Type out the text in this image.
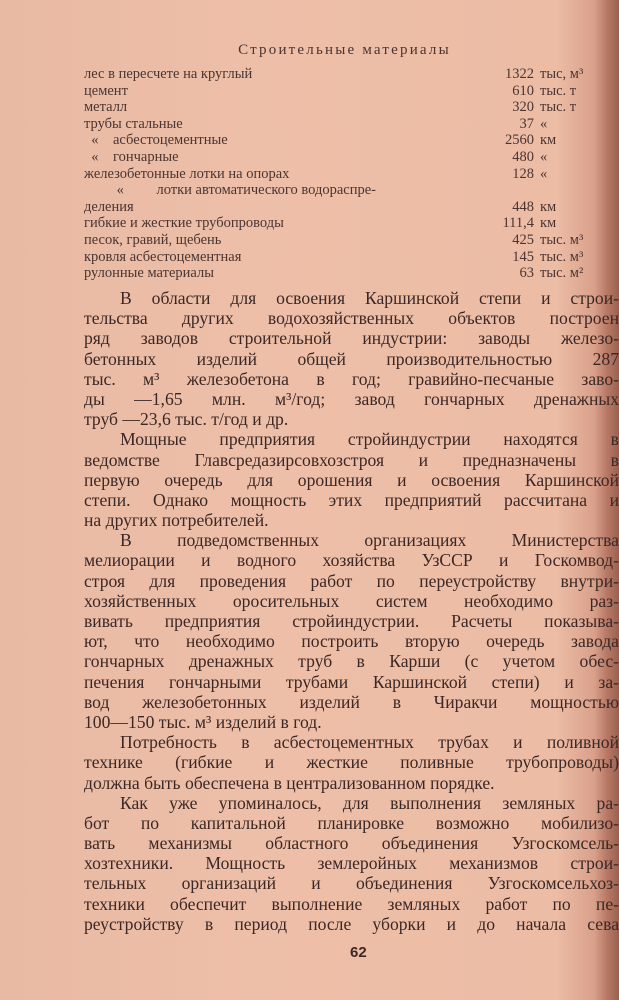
Строительные материалы
лес в пересчете на круглый	1322 тыс, м³
цемент	610 тыс. т
металл	320 тыс. т
трубы стальные	37 «
«    асбестоцементные	2560 км
«    гончарные	480 «
железобетонные лотки на опорах	128 «
«         лотки автоматического водораспре-
деления	448 км
гибкие и жесткие трубопроводы	111,4 км
песок, гравий, щебень	425 тыс. м³
кровля асбестоцементная	145 тыс. м³
рулонные материалы	63 тыс. м²
В области для освоения Каршинской степи и строи-
тельства других водохозяйственных объектов построен
ряд заводов строительной индустрии: заводы железо-
бетонных изделий общей производительностью 287
тыс. м³ железобетона в год; гравийно-песчаные заво-
ды —1,65 млн. м³/год; завод гончарных дренажных
труб —23,6 тыс. т/год и др.
Мощные предприятия стройиндустрии находятся в
ведомстве Главсредазирсовхозстроя и предназначены в
первую очередь для орошения и освоения Каршинской
степи. Однако мощность этих предприятий рассчитана и
на других потребителей.
В подведомственных организациях Министерства
мелиорации и водного хозяйства УзССР и Госкомвод-
строя для проведения работ по переустройству внутри-
хозяйственных оросительных систем необходимо раз-
вивать предприятия стройиндустрии. Расчеты показыва-
ют, что необходимо построить вторую очередь завода
гончарных дренажных труб в Карши (с учетом обес-
печения гончарными трубами Каршинской степи) и за-
вод железобетонных изделий в Чиракчи мощностью
100—150 тыс. м³ изделий в год.
Потребность в асбестоцементных трубах и поливной
технике (гибкие и жесткие поливные трубопроводы)
должна быть обеспечена в централизованном порядке.
Как уже упоминалось, для выполнения земляных ра-
бот по капитальной планировке возможно мобилизо-
вать механизмы областного объединения Узгоскомсель-
хозтехники. Мощность землеройных механизмов строи-
тельных организаций и объединения Узгоскомсельхоз-
техники обеспечит выполнение земляных работ по пе-
реустройству в период после уборки и до начала сева
62
